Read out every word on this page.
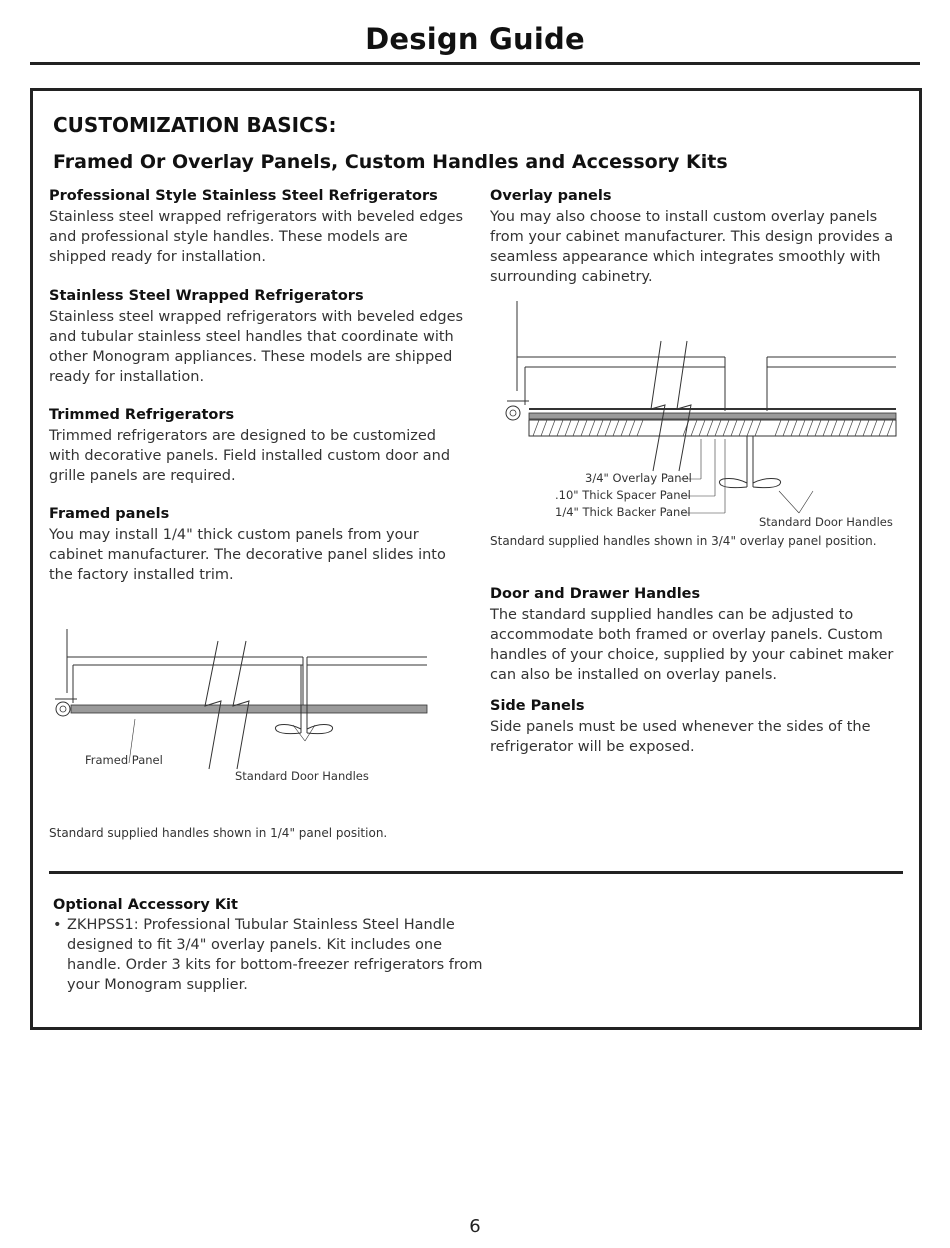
Design Guide
CUSTOMIZATION BASICS:
Framed Or Overlay Panels, Custom Handles and Accessory Kits
Professional Style Stainless Steel Refrigerators

Stainless steel wrapped refrigerators with beveled edges and professional style handles. These models are shipped ready for installation.

Stainless Steel Wrapped Refrigerators

Stainless steel wrapped refrigerators with beveled edges and tubular stainless steel handles that coordinate with other Monogram appliances. These models are shipped ready for installation.

Trimmed Refrigerators

Trimmed refrigerators are designed to be customized with decorative panels. Field installed custom door and grille panels are required.

Framed panels

You may install 1/4" thick custom panels from your cabinet manufacturer. The decorative panel slides into the factory installed trim.

Framed Panel
Standard Door Handles
Standard supplied handles shown in 1/4" panel position.
Overlay panels

You may also choose to install custom overlay panels from your cabinet manufacturer. This design provides a seamless appearance which integrates smoothly with surrounding cabinetry.

3/4" Overlay Panel
.10" Thick Spacer Panel
1/4" Thick Backer Panel
Standard Door Handles
Standard supplied handles shown in 3/4" overlay panel position.
Door and Drawer Handles

The standard supplied handles can be adjusted to accommodate both framed or overlay panels. Custom handles of your choice, supplied by your cabinet maker can also be installed on overlay panels.

Side Panels

Side panels must be used whenever the sides of the refrigerator will be exposed.

Optional Accessory Kit
• ZKHPSS1: Professional Tubular Stainless Steel Handle designed to fit 3/4" overlay panels. Kit includes one handle. Order 3 kits for bottom-freezer refrigerators from your Monogram supplier.
6
